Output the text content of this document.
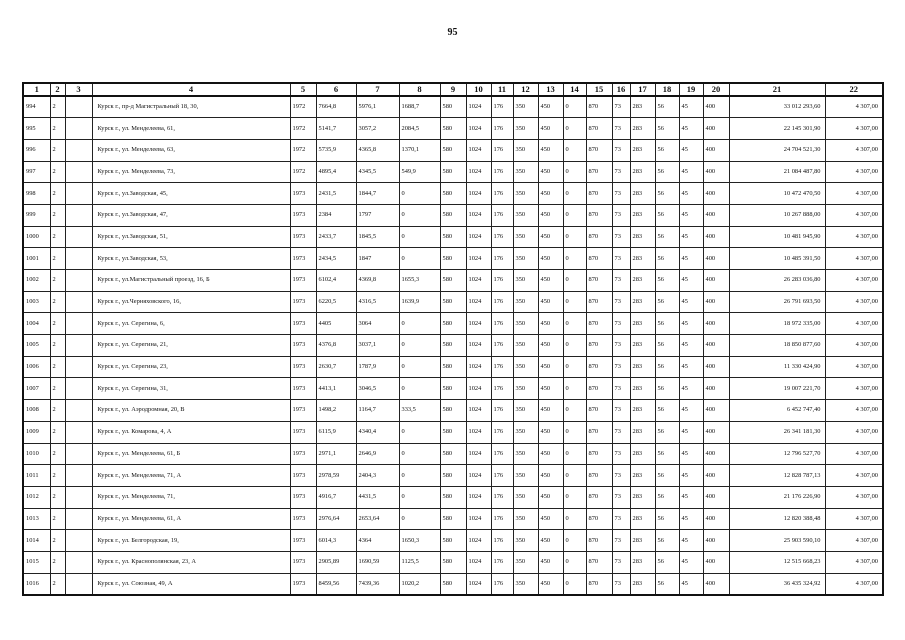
95
1	2	3	4	5	6	7	8	9	10	11	12	13	14	15	16	17	18	19	20	21	22
994	2		Курск г., пр-д Магистральный 18, 30,	1972	7664,8	5976,1	1688,7	580	1024	176	350	450	0	870	73	283	56	45	400	33 012 293,60	4 307,00
995	2		Курск г., ул. Менделеева, 61,	1972	5141,7	3057,2	2084,5	580	1024	176	350	450	0	870	73	283	56	45	400	22 145 301,90	4 307,00
996	2		Курск г., ул. Менделеева, 63,	1972	5735,9	4365,8	1370,1	580	1024	176	350	450	0	870	73	283	56	45	400	24 704 521,30	4 307,00
997	2		Курск г., ул. Менделеева, 73,	1972	4895,4	4345,5	549,9	580	1024	176	350	450	0	870	73	283	56	45	400	21 084 487,80	4 307,00
998	2		Курск г., ул.Заводская, 45,	1973	2431,5	1844,7	0	580	1024	176	350	450	0	870	73	283	56	45	400	10 472 470,50	4 307,00
999	2		Курск г., ул.Заводская, 47,	1973	2384	1797	0	580	1024	176	350	450	0	870	73	283	56	45	400	10 267 888,00	4 307,00
1000	2		Курск г., ул.Заводская, 51,	1973	2433,7	1845,5	0	580	1024	176	350	450	0	870	73	283	56	45	400	10 481 945,90	4 307,00
1001	2		Курск г., ул.Заводская, 53,	1973	2434,5	1847	0	580	1024	176	350	450	0	870	73	283	56	45	400	10 485 391,50	4 307,00
1002	2		Курск г., ул.Магистральный проезд, 16, Б	1973	6102,4	4369,8	1655,3	580	1024	176	350	450	0	870	73	283	56	45	400	26 283 036,80	4 307,00
1003	2		Курск г., ул.Черняховского, 16,	1973	6220,5	4316,5	1639,9	580	1024	176	350	450	0	870	73	283	56	45	400	26 791 693,50	4 307,00
1004	2		Курск г., ул. Серегина, 6,	1973	4405	3064	0	580	1024	176	350	450	0	870	73	283	56	45	400	18 972 335,00	4 307,00
1005	2		Курск г., ул. Серегина, 21,	1973	4376,8	3037,1	0	580	1024	176	350	450	0	870	73	283	56	45	400	18 850 877,60	4 307,00
1006	2		Курск г., ул. Серегина, 23,	1973	2630,7	1787,9	0	580	1024	176	350	450	0	870	73	283	56	45	400	11 330 424,90	4 307,00
1007	2		Курск г., ул. Серегина, 31,	1973	4413,1	3046,5	0	580	1024	176	350	450	0	870	73	283	56	45	400	19 007 221,70	4 307,00
1008	2		Курск г., ул. Аэродромная, 20, В	1973	1498,2	1164,7	333,5	580	1024	176	350	450	0	870	73	283	56	45	400	6 452 747,40	4 307,00
1009	2		Курск г., ул. Комарова, 4, А	1973	6115,9	4340,4	0	580	1024	176	350	450	0	870	73	283	56	45	400	26 341 181,30	4 307,00
1010	2		Курск г., ул. Менделеева, 61, Б	1973	2971,1	2646,9	0	580	1024	176	350	450	0	870	73	283	56	45	400	12 796 527,70	4 307,00
1011	2		Курск г., ул. Менделеева, 71, А	1973	2978,59	2404,3	0	580	1024	176	350	450	0	870	73	283	56	45	400	12 828 787,13	4 307,00
1012	2		Курск г., ул. Менделеева, 71,	1973	4916,7	4431,5	0	580	1024	176	350	450	0	870	73	283	56	45	400	21 176 226,90	4 307,00
1013	2		Курск г., ул. Менделеева, 61, А	1973	2976,64	2653,64	0	580	1024	176	350	450	0	870	73	283	56	45	400	12 820 388,48	4 307,00
1014	2		Курск г., ул. Белгородская, 19,	1973	6014,3	4364	1650,3	580	1024	176	350	450	0	870	73	283	56	45	400	25 903 590,10	4 307,00
1015	2		Курск г., ул. Краснополянская, 23, А	1973	2905,89	1690,59	1125,5	580	1024	176	350	450	0	870	73	283	56	45	400	12 515 668,23	4 307,00
1016	2		Курск г., ул. Союзная, 49, А	1973	8459,56	7439,36	1020,2	580	1024	176	350	450	0	870	73	283	56	45	400	36 435 324,92	4 307,00
